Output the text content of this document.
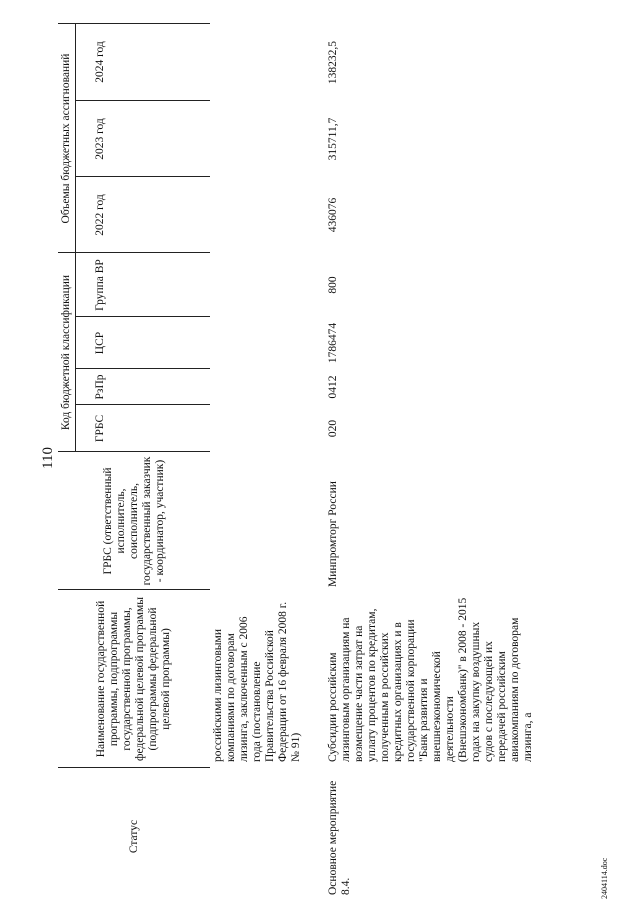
110
2404114.doc
Статус
Наименование государственной программы, подпрограммы государственной программы, федеральной целевой программы (подпрограммы федеральной целевой программы)
ГРБС (ответственный исполнитель, соисполнитель, государственный заказчик - координатор, участник)
Код бюджетной классификации	ГРБС
РзПр
ЦСР
Группа ВР
Объемы бюджетных ассигнований	2022 год
2023 год
2024 год
российскими лизинговыми компаниями по договорам лизинга, заключенным с 2006 года (постановление Правительства Российской Федерации от 16 февраля 2008 г. № 91)
Основное мероприятие 8.4.
Субсидии российским лизинговым организациям на возмещение части затрат на уплату процентов по кредитам, полученным в российских кредитных организациях и в государственной корпорации "Банк развития и внешнеэкономической деятельности (Внешэкономбанк)" в 2008 - 2015 годах на закупку воздушных судов с последующей их передачей российским авиакомпаниям по договорам лизинга, а
Минпромторг России
020
0412
1786474
800
436076
315711,7
138232,5
